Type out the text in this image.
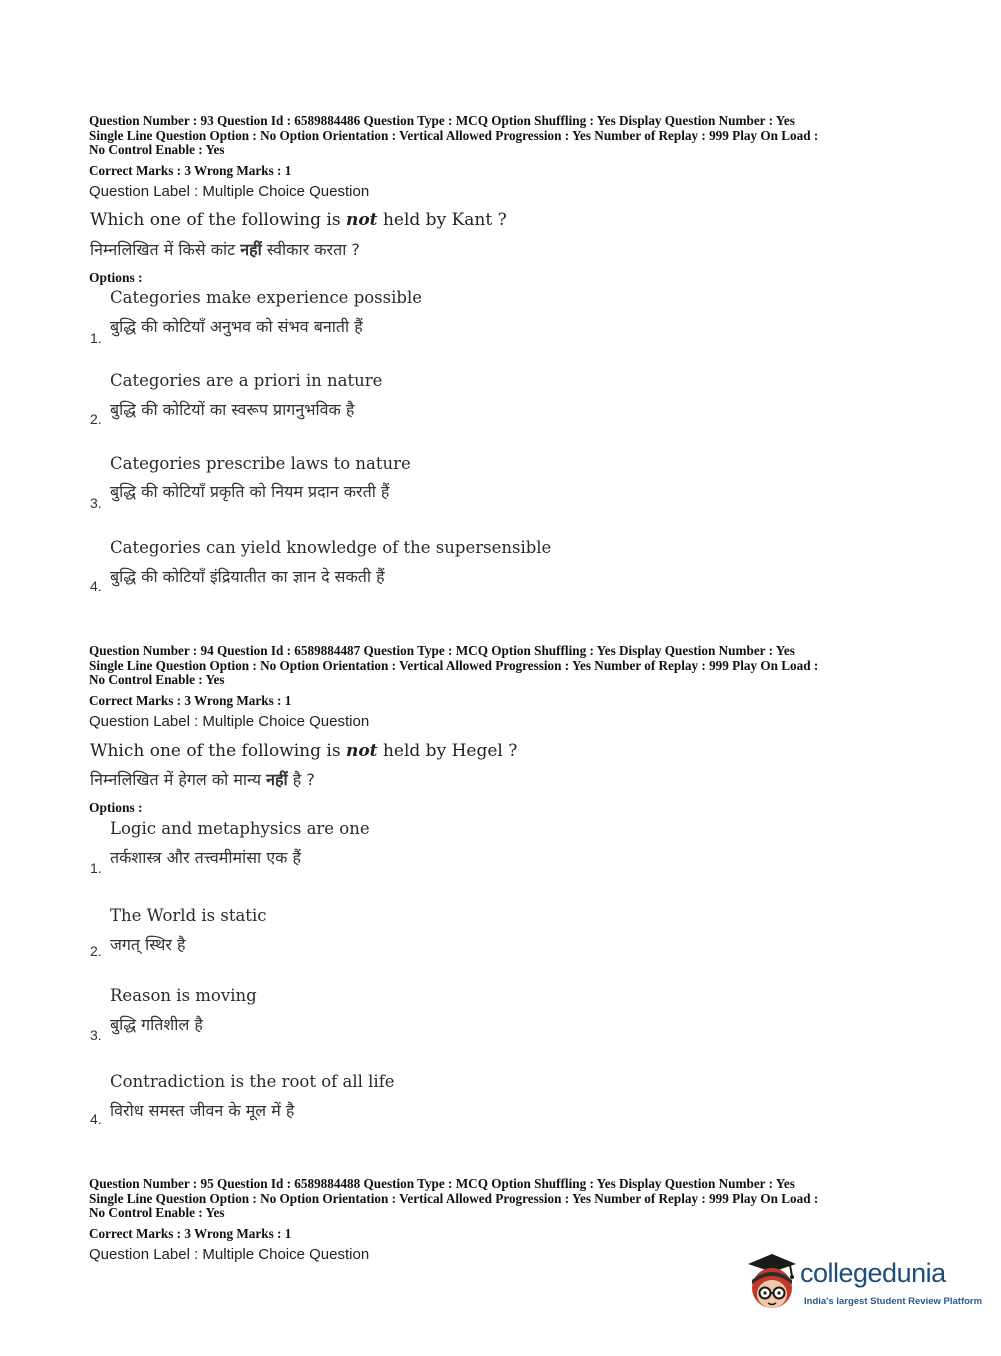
Question Number : 93 Question Id : 6589884486 Question Type : MCQ Option Shuffling : Yes Display Question Number : Yes
Single Line Question Option : No Option Orientation : Vertical Allowed Progression : Yes Number of Replay : 999 Play On Load :
No Control Enable : Yes
Correct Marks : 3 Wrong Marks : 1
Question Label : Multiple Choice Question
Which one of the following is not held by Kant ?
निम्नलिखित में किसे कांट नहीं स्वीकार करता ?
Options :
Categories make experience possible
बुद्धि की कोटियाँ अनुभव को संभव बनाती हैं
1.
Categories are a priori in nature
बुद्धि की कोटियों का स्वरूप प्रागनुभविक है
2.
Categories prescribe laws to nature
बुद्धि की कोटियाँ प्रकृति को नियम प्रदान करती हैं
3.
Categories can yield knowledge of the supersensible
बुद्धि की कोटियाँ इंद्रियातीत का ज्ञान दे सकती हैं
4.
Question Number : 94 Question Id : 6589884487 Question Type : MCQ Option Shuffling : Yes Display Question Number : Yes
Single Line Question Option : No Option Orientation : Vertical Allowed Progression : Yes Number of Replay : 999 Play On Load :
No Control Enable : Yes
Correct Marks : 3 Wrong Marks : 1
Question Label : Multiple Choice Question
Which one of the following is not held by Hegel ?
निम्नलिखित में हेगल को मान्य नहीं है ?
Options :
Logic and metaphysics are one
तर्कशास्त्र और तत्त्वमीमांसा एक हैं
1.
The World is static
जगत् स्थिर है
2.
Reason is moving
बुद्धि गतिशील है
3.
Contradiction is the root of all life
विरोध समस्त जीवन के मूल में है
4.
Question Number : 95 Question Id : 6589884488 Question Type : MCQ Option Shuffling : Yes Display Question Number : Yes
Single Line Question Option : No Option Orientation : Vertical Allowed Progression : Yes Number of Replay : 999 Play On Load :
No Control Enable : Yes
Correct Marks : 3 Wrong Marks : 1
Question Label : Multiple Choice Question
collegedunia
India's largest Student Review Platform
